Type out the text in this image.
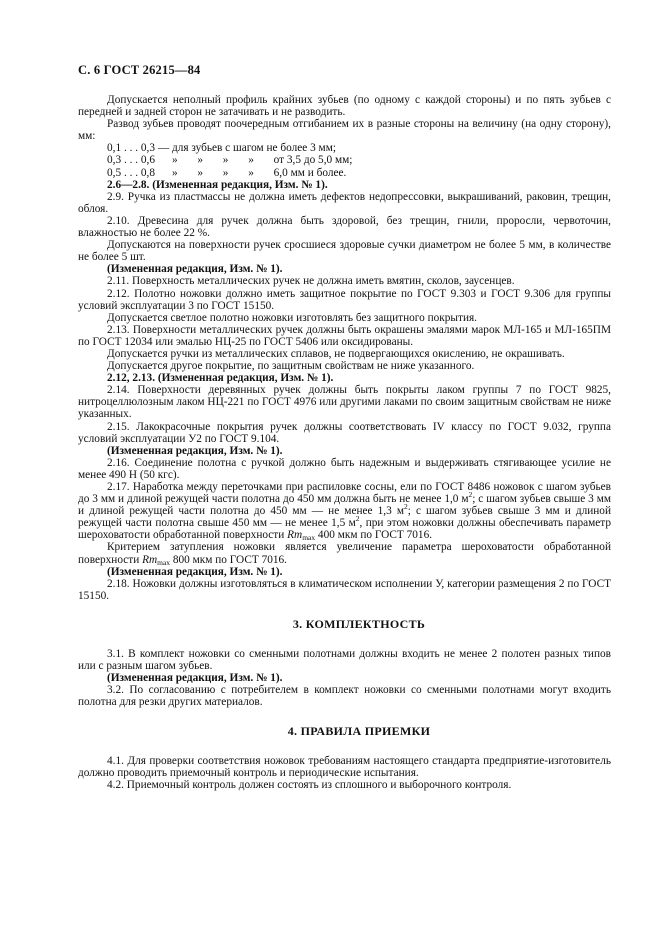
С. 6 ГОСТ 26215—84

Допускается неполный профиль крайних зубьев (по одному с каждой стороны) и по пять зубьев с передней и задней сторон не затачивать и не разводить.

Развод зубьев проводят поочередным отгибанием их в разные стороны на величину (на одну сторону), мм:

0,1 . . . 0,3 — для зубьев с шагом не более 3 мм;

0,3 . . . 0,6      »       »       »       »       от 3,5 до 5,0 мм;

0,5 . . . 0,8      »       »       »       »       6,0 мм и более.

2.6—2.8. (Измененная редакция, Изм. № 1).

2.9. Ручка из пластмассы не должна иметь дефектов недопрессовки, выкрашиваний, раковин, трещин, облоя.

2.10. Древесина для ручек должна быть здоровой, без трещин, гнили, проросли, червоточин, влажностью не более 22 %.

Допускаются на поверхности ручек сросшиеся здоровые сучки диаметром не более 5 мм, в количестве не более 5 шт.

(Измененная редакция, Изм. № 1).

2.11. Поверхность металлических ручек не должна иметь вмятин, сколов, заусенцев.

2.12. Полотно ножовки должно иметь защитное покрытие по ГОСТ 9.303 и ГОСТ 9.306 для группы условий эксплуатации 3 по ГОСТ 15150.

Допускается светлое полотно ножовки изготовлять без защитного покрытия.

2.13. Поверхности металлических ручек должны быть окрашены эмалями марок МЛ-165 и МЛ-165ПМ по ГОСТ 12034 или эмалью НЦ-25 по ГОСТ 5406 или оксидированы.

Допускается ручки из металлических сплавов, не подвергающихся окислению, не окрашивать.

Допускается другое покрытие, по защитным свойствам не ниже указанного.

2.12, 2.13. (Измененная редакция, Изм. № 1).

2.14. Поверхности деревянных ручек должны быть покрыты лаком группы 7 по ГОСТ 9825, нитроцеллюлозным лаком НЦ-221 по ГОСТ 4976 или другими лаками по своим защитным свойствам не ниже указанных.

2.15. Лакокрасочные покрытия ручек должны соответствовать IV классу по ГОСТ 9.032, группа условий эксплуатации У2 по ГОСТ 9.104.

(Измененная редакция, Изм. № 1).

2.16. Соединение полотна с ручкой должно быть надежным и выдерживать стягивающее усилие не менее 490 Н (50 кгс).

2.17. Наработка между переточками при распиловке сосны, ели по ГОСТ 8486 ножовок с шагом зубьев до 3 мм и длиной режущей части полотна до 450 мм должна быть не менее 1,0 $м^2$; с шагом зубьев свыше 3 мм и длиной режущей части полотна до 450 мм — не менее 1,3 $м^2$; с шагом зубьев свыше 3 мм и длиной режущей части полотна свыше 450 мм — не менее 1,5 $м^2$, при этом ножовки должны обеспечивать параметр шероховатости обработанной поверхности $Rm_{max}$ 400 мкм по ГОСТ 7016.

Критерием затупления ножовки является увеличение параметра шероховатости обработанной поверхности $Rm_{max}$ 800 мкм по ГОСТ 7016.

(Измененная редакция, Изм. № 1).

2.18. Ножовки должны изготовляться в климатическом исполнении У, категории размещения 2 по ГОСТ 15150.

3. КОМПЛЕКТНОСТЬ

3.1. В комплект ножовки со сменными полотнами должны входить не менее 2 полотен разных типов или с разным шагом зубьев.

(Измененная редакция, Изм. № 1).

3.2. По согласованию с потребителем в комплект ножовки со сменными полотнами могут входить полотна для резки других материалов.

4. ПРАВИЛА ПРИЕМКИ

4.1. Для проверки соответствия ножовок требованиям настоящего стандарта предприятие-изготовитель должно проводить приемочный контроль и периодические испытания.

4.2. Приемочный контроль должен состоять из сплошного и выборочного контроля.
